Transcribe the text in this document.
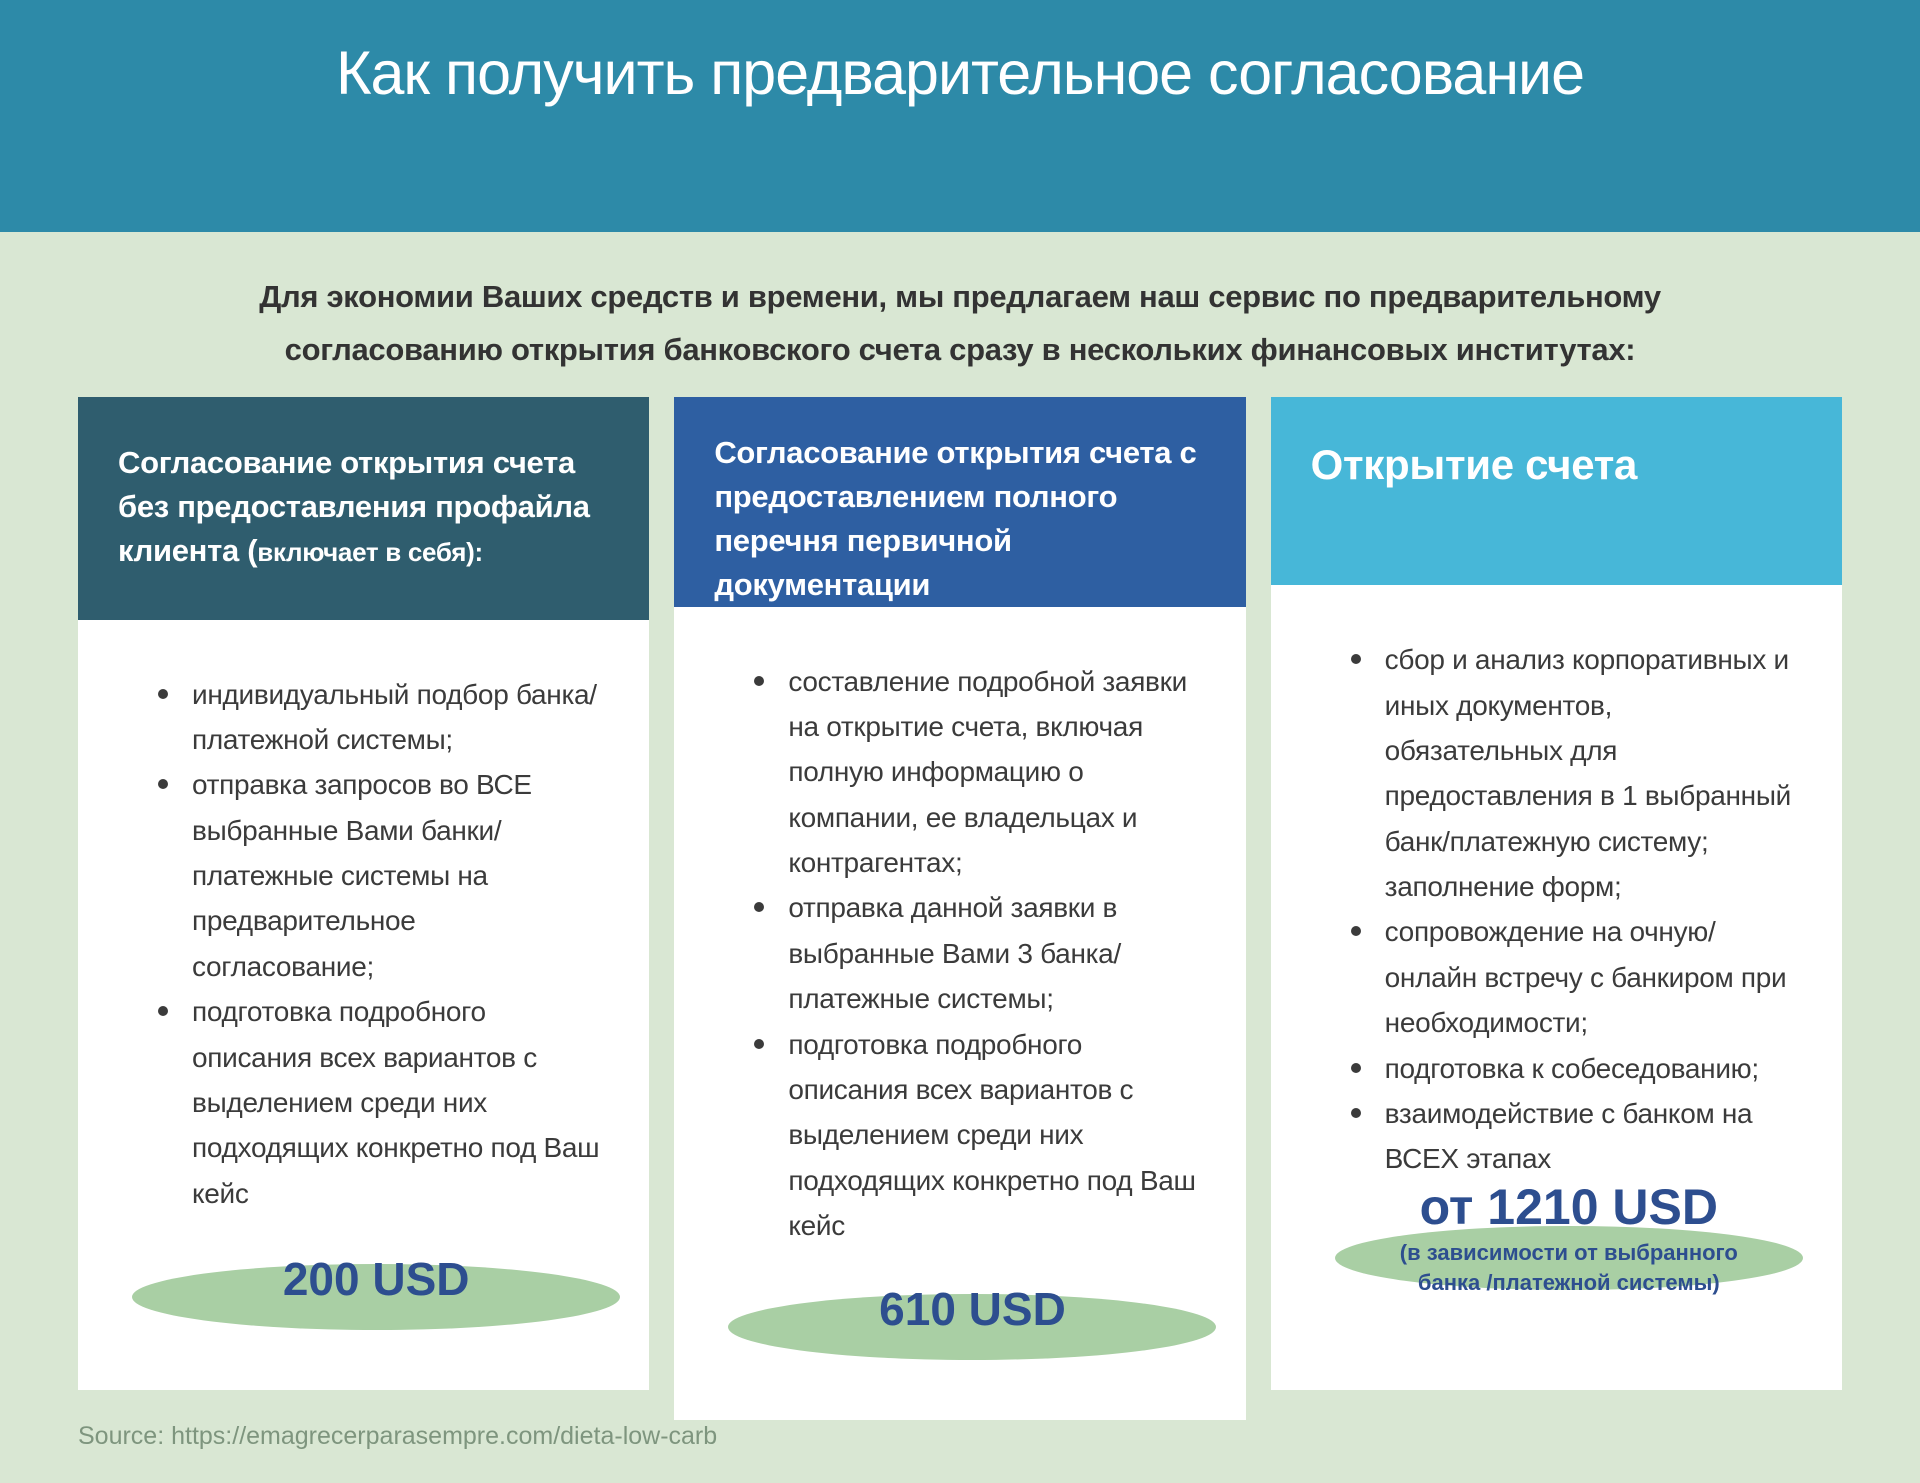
Как получить предварительное согласование
Для экономии Ваших средств и времени, мы предлагаем наш сервис по предварительному
согласованию открытия банковского счета сразу в нескольких финансовых институтах:
Согласование открытия счета без предоставления профайла клиента (включает в себя):
индивидуальный подбор банка/ платежной системы;
отправка запросов во ВСЕ выбранные Вами банки/ платежные системы на предварительное согласование;
подготовка подробного описания всех вариантов с выделением среди них подходящих конкретно под Ваш кейс
200 USD
Согласование открытия счета с предоставлением полного перечня первичной документации
составление подробной заявки на открытие счета, включая полную информацию о компании, ее владельцах и контрагентах;
отправка данной заявки в выбранные Вами 3 банка/ платежные системы;
подготовка подробного описания всех вариантов с выделением среди них подходящих конкретно под Ваш кейс
610 USD
Открытие счета
сбор и анализ корпоративных и иных документов, обязательных для предоставления в 1 выбранный банк/платежную систему; заполнение форм;
сопровождение на очную/ онлайн встречу с банкиром при необходимости;
подготовка к собеседованию;
взаимодействие с банком на ВСЕХ этапах
от 1210 USD
(в зависимости от выбранного банка /платежной системы)
Source: https://emagrecerparasempre.com/dieta-low-carb
